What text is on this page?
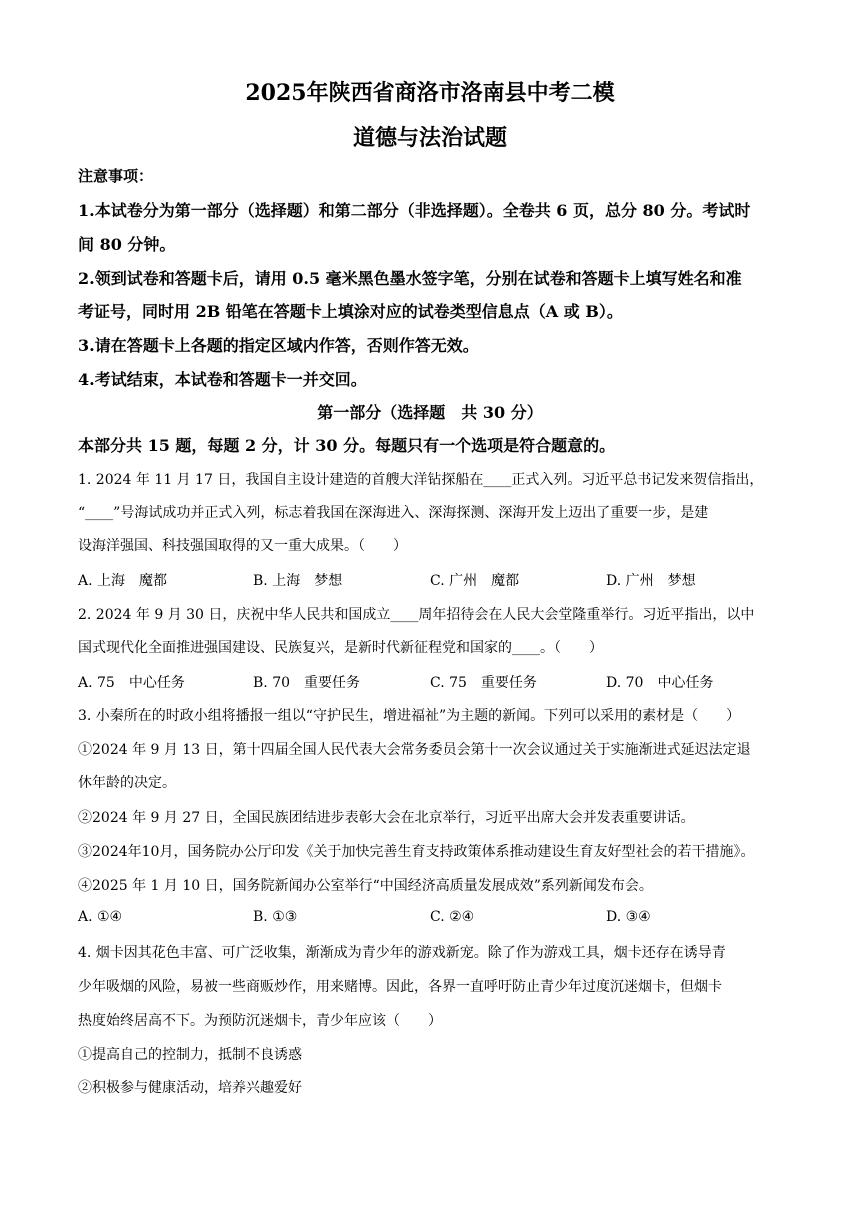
2025年陕西省商洛市洛南县中考二模
道德与法治试题
注意事项：
1.本试卷分为第一部分（选择题）和第二部分（非选择题）。全卷共 6 页，总分 80 分。考试时
间 80 分钟。
2.领到试卷和答题卡后，请用 0.5 毫米黑色墨水签字笔，分别在试卷和答题卡上填写姓名和准
考证号，同时用 2B 铅笔在答题卡上填涂对应的试卷类型信息点（A 或 B）。
3.请在答题卡上各题的指定区域内作答，否则作答无效。
4.考试结束，本试卷和答题卡一并交回。
第一部分（选择题　共 30 分）
本部分共 15 题，每题 2 分，计 30 分。每题只有一个选项是符合题意的。
1. 2024 年 11 月 17 日，我国自主设计建造的首艘大洋钻探船在____正式入列。习近平总书记发来贺信指出，
“____”号海试成功并正式入列，标志着我国在深海进入、深海探测、深海开发上迈出了重要一步，是建
设海洋强国、科技强国取得的又一重大成果。（　　）
A. 上海　魔都	B. 上海　梦想	C. 广州　魔都	D. 广州　梦想
2. 2024 年 9 月 30 日，庆祝中华人民共和国成立____周年招待会在人民大会堂隆重举行。习近平指出，以中
国式现代化全面推进强国建设、民族复兴，是新时代新征程党和国家的____。（　　）
A. 75　中心任务	B. 70　重要任务	C. 75　重要任务	D. 70　中心任务
3. 小秦所在的时政小组将播报一组以“守护民生，增进福祉”为主题的新闻。下列可以采用的素材是（　　）
①2024 年 9 月 13 日，第十四届全国人民代表大会常务委员会第十一次会议通过关于实施渐进式延迟法定退
休年龄的决定。
②2024 年 9 月 27 日，全国民族团结进步表彰大会在北京举行，习近平出席大会并发表重要讲话。
③2024年10月，国务院办公厅印发《关于加快完善生育支持政策体系推动建设生育友好型社会的若干措施》。
④2025 年 1 月 10 日，国务院新闻办公室举行“中国经济高质量发展成效”系列新闻发布会。
A. ①④	B. ①③	C. ②④	D. ③④
4. 烟卡因其花色丰富、可广泛收集，渐渐成为青少年的游戏新宠。除了作为游戏工具，烟卡还存在诱导青
少年吸烟的风险，易被一些商贩炒作，用来赌博。因此，各界一直呼吁防止青少年过度沉迷烟卡，但烟卡
热度始终居高不下。为预防沉迷烟卡，青少年应该（　　）
①提高自己的控制力，抵制不良诱惑
②积极参与健康活动，培养兴趣爱好
